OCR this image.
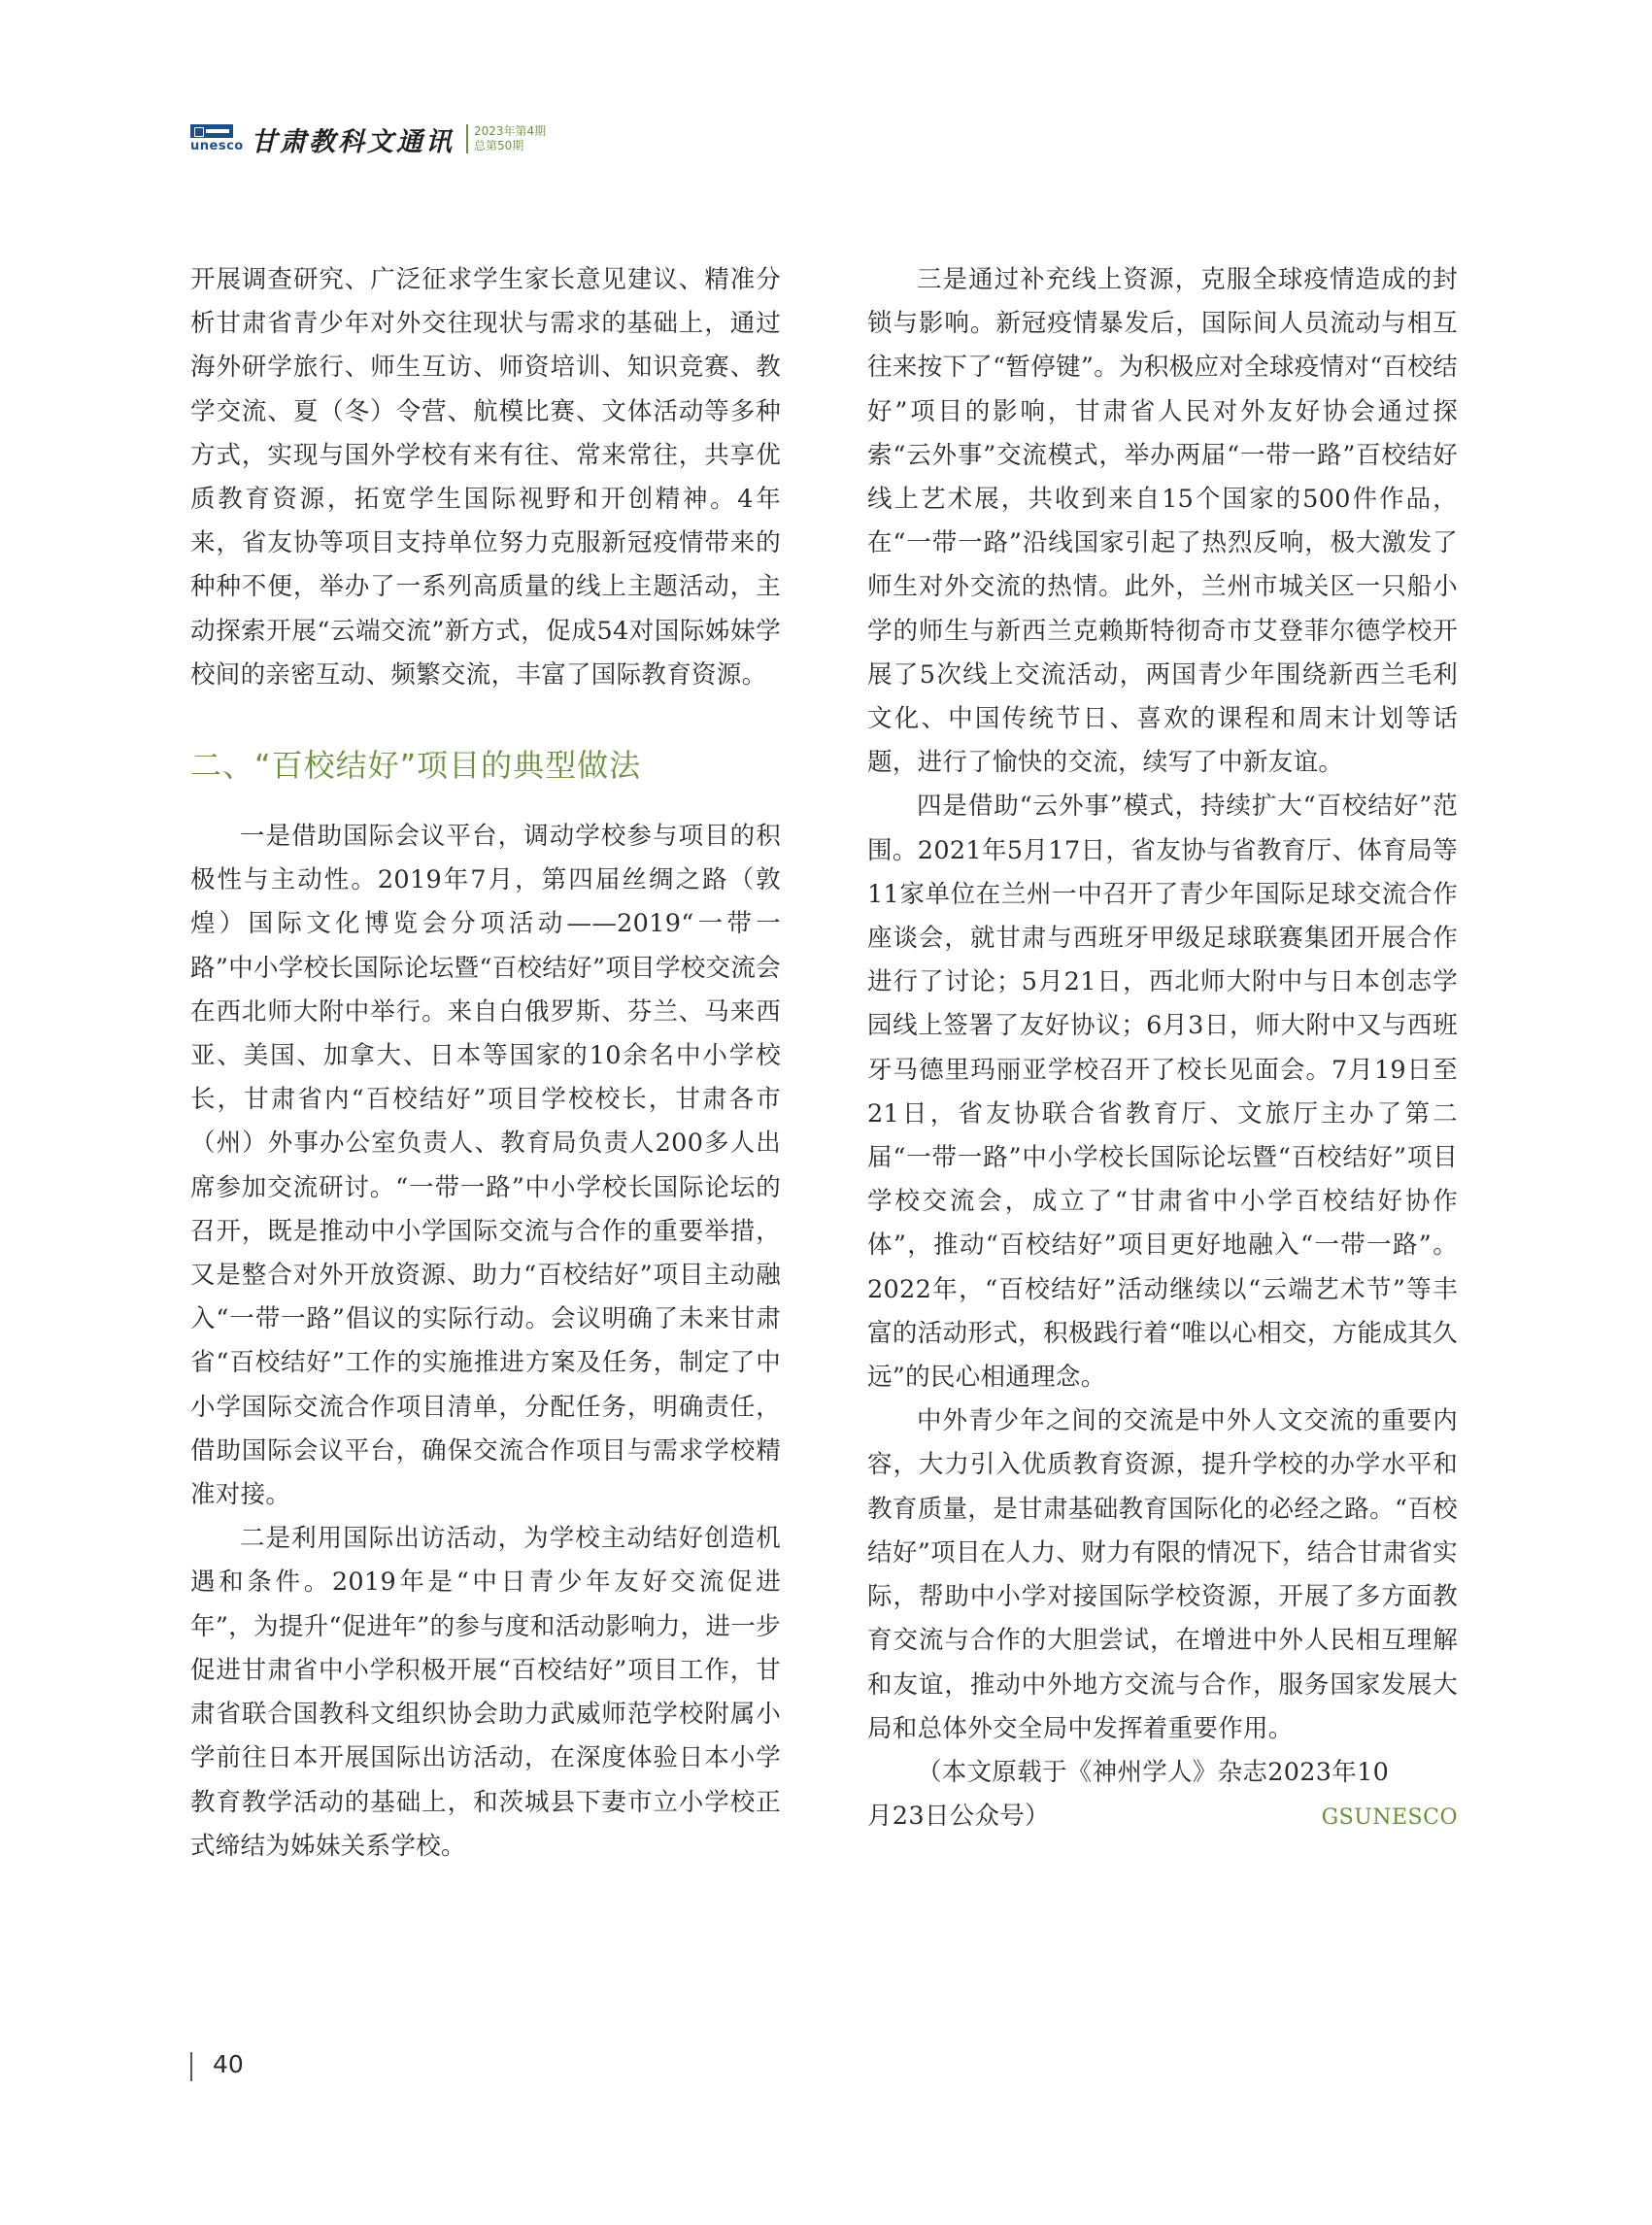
unesco 甘肃教科文通讯 2023年第4期
总第50期

开展调查研究、广泛征求学生家长意见建议、精准分析甘肃省青少年对外交往现状与需求的基础上，通过海外研学旅行、师生互访、师资培训、知识竞赛、教学交流、夏（冬）令营、航模比赛、文体活动等多种方式，实现与国外学校有来有往、常来常往，共享优质教育资源，拓宽学生国际视野和开创精神。4年来，省友协等项目支持单位努力克服新冠疫情带来的种种不便，举办了一系列高质量的线上主题活动，主动探索开展“云端交流”新方式，促成54对国际姊妹学校间的亲密互动、频繁交流，丰富了国际教育资源。

二、“百校结好”项目的典型做法

一是借助国际会议平台，调动学校参与项目的积极性与主动性。2019年7月，第四届丝绸之路（敦煌）国际文化博览会分项活动——2019“一带一路”中小学校长国际论坛暨“百校结好”项目学校交流会在西北师大附中举行。来自白俄罗斯、芬兰、马来西亚、美国、加拿大、日本等国家的10余名中小学校长，甘肃省内“百校结好”项目学校校长，甘肃各市（州）外事办公室负责人、教育局负责人200多人出席参加交流研讨。“一带一路”中小学校长国际论坛的召开，既是推动中小学国际交流与合作的重要举措，又是整合对外开放资源、助力“百校结好”项目主动融入“一带一路”倡议的实际行动。会议明确了未来甘肃省“百校结好”工作的实施推进方案及任务，制定了中小学国际交流合作项目清单，分配任务，明确责任，借助国际会议平台，确保交流合作项目与需求学校精准对接。

二是利用国际出访活动，为学校主动结好创造机遇和条件。2019年是“中日青少年友好交流促进年”，为提升“促进年”的参与度和活动影响力，进一步促进甘肃省中小学积极开展“百校结好”项目工作，甘肃省联合国教科文组织协会助力武威师范学校附属小学前往日本开展国际出访活动，在深度体验日本小学教育教学活动的基础上，和茨城县下妻市立小学校正式缔结为姊妹关系学校。

三是通过补充线上资源，克服全球疫情造成的封锁与影响。新冠疫情暴发后，国际间人员流动与相互往来按下了“暂停键”。为积极应对全球疫情对“百校结好”项目的影响，甘肃省人民对外友好协会通过探索“云外事”交流模式，举办两届“一带一路”百校结好线上艺术展，共收到来自15个国家的500件作品，在“一带一路”沿线国家引起了热烈反响，极大激发了师生对外交流的热情。此外，兰州市城关区一只船小学的师生与新西兰克赖斯特彻奇市艾登菲尔德学校开展了5次线上交流活动，两国青少年围绕新西兰毛利文化、中国传统节日、喜欢的课程和周末计划等话题，进行了愉快的交流，续写了中新友谊。

四是借助“云外事”模式，持续扩大“百校结好”范围。2021年5月17日，省友协与省教育厅、体育局等11家单位在兰州一中召开了青少年国际足球交流合作座谈会，就甘肃与西班牙甲级足球联赛集团开展合作进行了讨论；5月21日，西北师大附中与日本创志学园线上签署了友好协议；6月3日，师大附中又与西班牙马德里玛丽亚学校召开了校长见面会。7月19日至21日，省友协联合省教育厅、文旅厅主办了第二届“一带一路”中小学校长国际论坛暨“百校结好”项目学校交流会，成立了“甘肃省中小学百校结好协作体”，推动“百校结好”项目更好地融入“一带一路”。2022年，“百校结好”活动继续以“云端艺术节”等丰富的活动形式，积极践行着“唯以心相交，方能成其久远”的民心相通理念。

中外青少年之间的交流是中外人文交流的重要内容，大力引入优质教育资源，提升学校的办学水平和教育质量，是甘肃基础教育国际化的必经之路。“百校结好”项目在人力、财力有限的情况下，结合甘肃省实际，帮助中小学对接国际学校资源，开展了多方面教育交流与合作的大胆尝试，在增进中外人民相互理解和友谊，推动中外地方交流与合作，服务国家发展大局和总体外交全局中发挥着重要作用。

（本文原载于《神州学人》杂志2023年10

月23日公众号）	GSUNESCO
40
